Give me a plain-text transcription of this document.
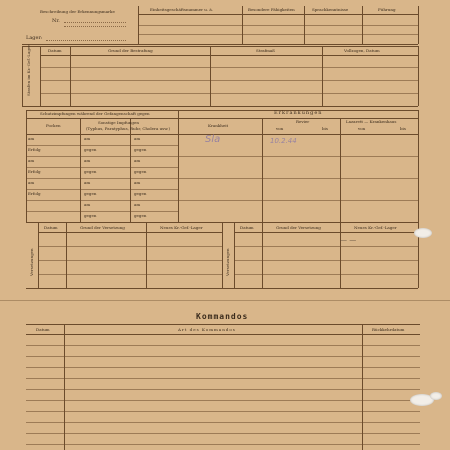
Beschreibung der Erkennungsmarke
Nr.
Lager:
Einheitsgeschäftsnummer u. ä.	Besondere Fähigkeiten	Sprachkenntnisse	Führung
Strafen im Kr.-Gef.-Lager	Datum	Grund der Bestrafung	Strafmaß	Vollzogen, Datum
Schutzimpfungen während der Gefangenschaft gegen	Erkrankungen
Pocken
Sonstige Impfungen
(Typhus, Paratyphus, Ruhr, Cholera usw.)
am	am	am
Erfolg	gegen	gegen
am	am	am
Erfolg	gegen	gegen
am	am	am
Erfolg	gegen	gegen
am	am
gegen	gegen
Krankheit
Revier
von	bis
Lazarett — Krankenhaus
von	bis
Sla	10.2.44
Versetzungen	Versetzungen
Datum	Grund der Versetzung	Neues Kr.-Gef.-Lager	Datum	Grund der Versetzung	Neues Kr.-Gef.-Lager
— —
Kommandos
Datum	Art des Kommandos	Rückkehrdatum
